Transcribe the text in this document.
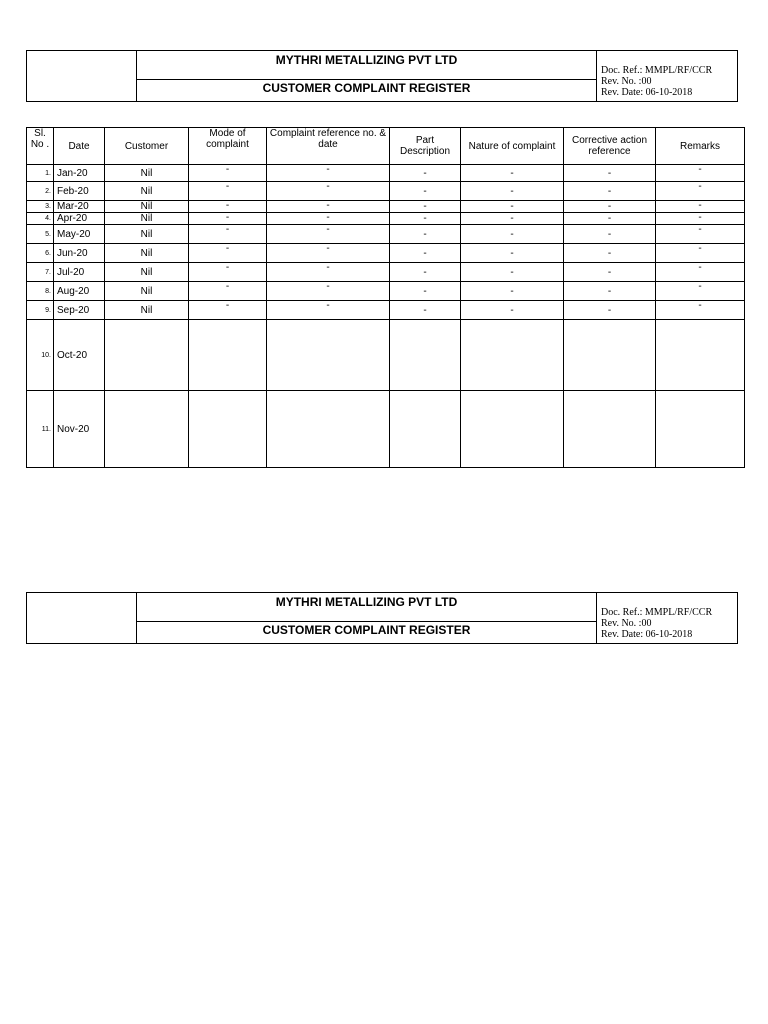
MYTHRI METALLIZING PVT LTD
CUSTOMER COMPLAINT REGISTER
Doc. Ref.: MMPL/RF/CCR
Rev. No. :00
Rev. Date: 06-10-2018
Sl. No .	Date	Customer	Mode of complaint	Complaint reference no. & date	Part Description	Nature of complaint	Corrective action reference	Remarks
1.	Jan-20	Nil	-	-	-	-	-	-
2.	Feb-20	Nil	-	-	-	-	-	-
3.	Mar-20	Nil	-	-	-	-	-	-
4.	Apr-20	Nil	-	-	-	-	-	-
5.	May-20	Nil	-	-	-	-	-	-
6.	Jun-20	Nil	-	-	-	-	-	-
7.	Jul-20	Nil	-	-	-	-	-	-
8.	Aug-20	Nil	-	-	-	-	-	-
9.	Sep-20	Nil	-	-	-	-	-	-
10.	Oct-20							
11.	Nov-20							
MYTHRI METALLIZING PVT LTD
CUSTOMER COMPLAINT REGISTER
Doc. Ref.: MMPL/RF/CCR
Rev. No. :00
Rev. Date: 06-10-2018
